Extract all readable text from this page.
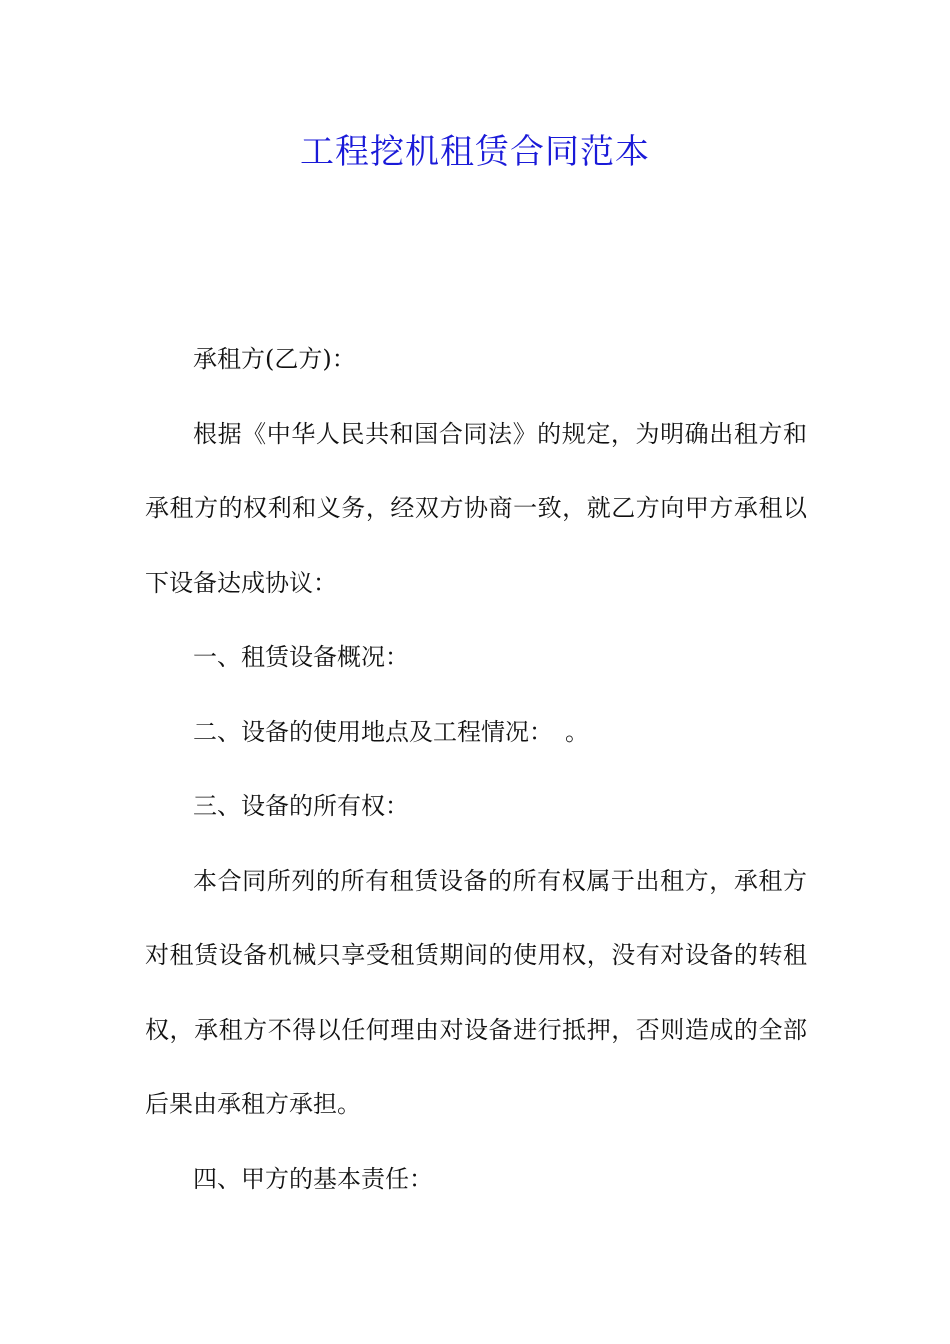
工程挖机租赁合同范本

承租方(乙方)：

根据《中华人民共和国合同法》的规定，为明确出租方和承租方的权利和义务，经双方协商一致，就乙方向甲方承租以下设备达成协议：

一、租赁设备概况：

二、设备的使用地点及工程情况：　。

三、设备的所有权：

本合同所列的所有租赁设备的所有权属于出租方，承租方对租赁设备机械只享受租赁期间的使用权，没有对设备的转租权，承租方不得以任何理由对设备进行抵押，否则造成的全部后果由承租方承担。

四、甲方的基本责任：
